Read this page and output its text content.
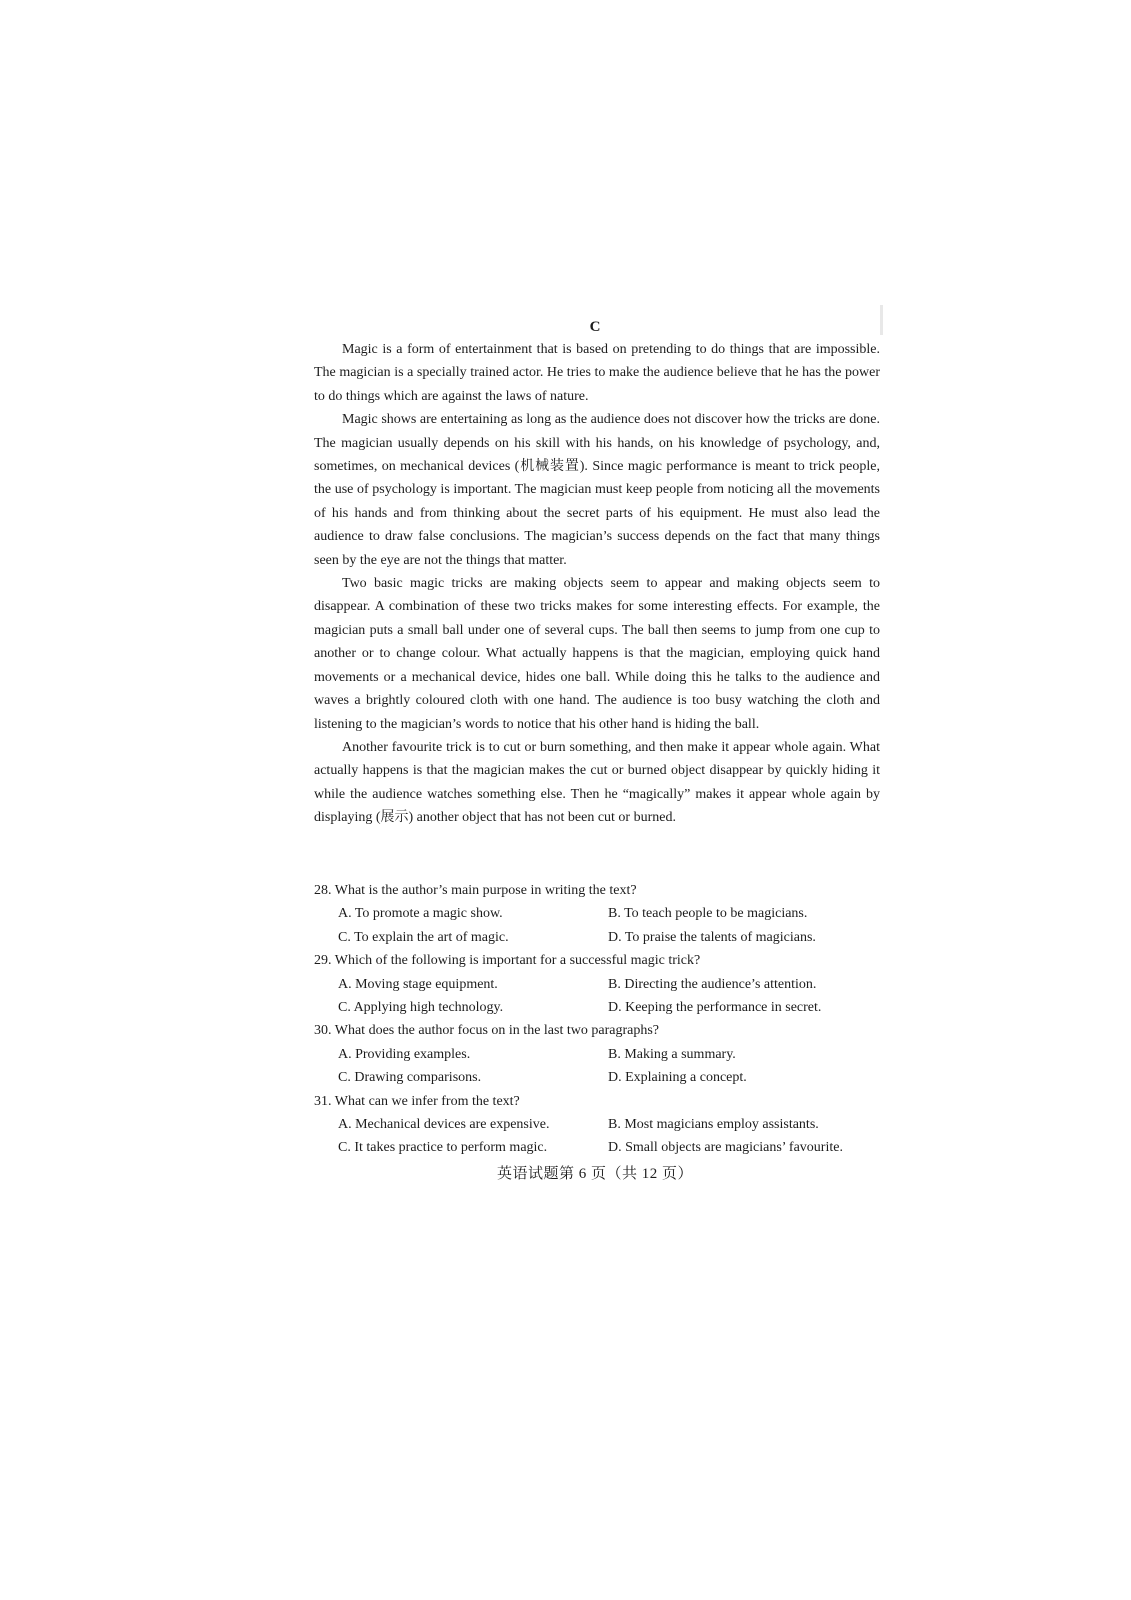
C

Magic is a form of entertainment that is based on pretending to do things that are impossible. The magician is a specially trained actor. He tries to make the audience believe that he has the power to do things which are against the laws of nature.

Magic shows are entertaining as long as the audience does not discover how the tricks are done. The magician usually depends on his skill with his hands, on his knowledge of psychology, and, sometimes, on mechanical devices (机械装置). Since magic performance is meant to trick people, the use of psychology is important. The magician must keep people from noticing all the movements of his hands and from thinking about the secret parts of his equipment. He must also lead the audience to draw false conclusions. The magician’s success depends on the fact that many things seen by the eye are not the things that matter.

Two basic magic tricks are making objects seem to appear and making objects seem to disappear. A combination of these two tricks makes for some interesting effects. For example, the magician puts a small ball under one of several cups. The ball then seems to jump from one cup to another or to change colour. What actually happens is that the magician, employing quick hand movements or a mechanical device, hides one ball. While doing this he talks to the audience and waves a brightly coloured cloth with one hand. The audience is too busy watching the cloth and listening to the magician’s words to notice that his other hand is hiding the ball.

Another favourite trick is to cut or burn something, and then make it appear whole again. What actually happens is that the magician makes the cut or burned object disappear by quickly hiding it while the audience watches something else. Then he “magically” makes it appear whole again by displaying (展示) another object that has not been cut or burned.

28. What is the author’s main purpose in writing the text?
A. To promote a magic show.	B. To teach people to be magicians.
C. To explain the art of magic.	D. To praise the talents of magicians.
29. Which of the following is important for a successful magic trick?
A. Moving stage equipment.	B. Directing the audience’s attention.
C. Applying high technology.	D. Keeping the performance in secret.
30. What does the author focus on in the last two paragraphs?
A. Providing examples.	B. Making a summary.
C. Drawing comparisons.	D. Explaining a concept.
31. What can we infer from the text?
A. Mechanical devices are expensive.	B. Most magicians employ assistants.
C. It takes practice to perform magic.	D. Small objects are magicians’ favourite.
英语试题第 6 页（共 12 页）
